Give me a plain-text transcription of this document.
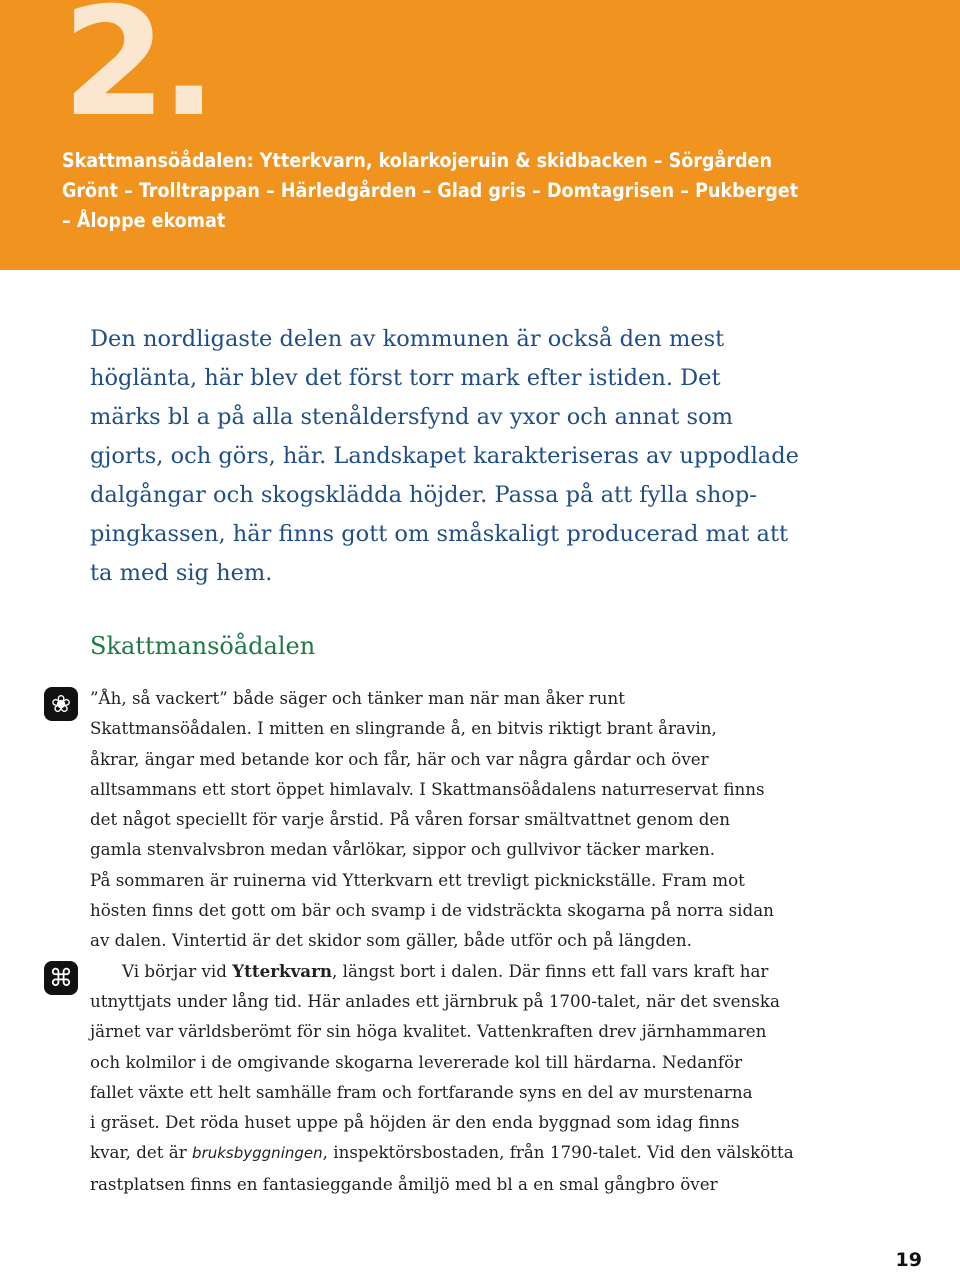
2.
Skattmansöådalen: Ytterkvarn, kolarkojeruin & skidbacken – Sörgården
Grönt – Trolltrappan – Härledgården – Glad gris – Domtagrisen – Pukberget
– Åloppe ekomat
Den nordligaste delen av kommunen är också den mest
höglänta, här blev det först torr mark efter istiden. Det
märks bl a på alla stenåldersfynd av yxor och annat som
gjorts, och görs, här. Landskapet karakteriseras av uppodlade
dalgångar och skogsklädda höjder. Passa på att fylla shop-
pingkassen, här finns gott om småskaligt producerad mat att
ta med sig hem.
Skattmansöådalen
❀
⌘
”Åh, så vackert” både säger och tänker man när man åker runt
Skattmansöådalen. I mitten en slingrande å, en bitvis riktigt brant åravin,
åkrar, ängar med betande kor och får, här och var några gårdar och över
alltsammans ett stort öppet himlavalv. I Skattmansöådalens naturreservat finns
det något speciellt för varje årstid. På våren forsar smältvattnet genom den
gamla stenvalvsbron medan vårlökar, sippor och gullvivor täcker marken.
På sommaren är ruinerna vid Ytterkvarn ett trevligt picknickställe. Fram mot
hösten finns det gott om bär och svamp i de vidsträckta skogarna på norra sidan
av dalen. Vintertid är det skidor som gäller, både utför och på längden.
Vi börjar vid Ytterkvarn, längst bort i dalen. Där finns ett fall vars kraft har
utnyttjats under lång tid. Här anlades ett järnbruk på 1700-talet, när det svenska
järnet var världsberömt för sin höga kvalitet. Vattenkraften drev järnhammaren
och kolmilor i de omgivande skogarna levererade kol till härdarna. Nedanför
fallet växte ett helt samhälle fram och fortfarande syns en del av murstenarna
i gräset. Det röda huset uppe på höjden är den enda byggnad som idag finns
kvar, det är bruksbyggningen, inspektörsbostaden, från 1790-talet. Vid den välskötta
rastplatsen finns en fantasieggande åmiljö med bl a en smal gångbro över
19
